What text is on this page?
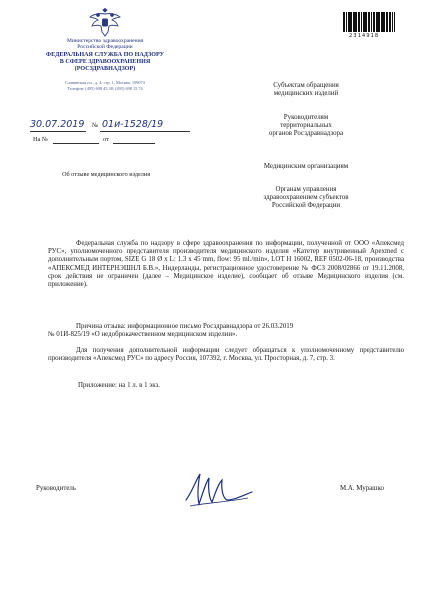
Министерство здравоохранения
Российской Федерации
ФЕДЕРАЛЬНАЯ СЛУЖБА ПО НАДЗОРУ
В СФЕРЕ ЗДРАВООХРАНЕНИЯ
(РОСЗДРАВНАДЗОР)
Славянская пл., д. 4, стр. 1, Москва, 109074
Телефон: (495) 698 45 38; (495) 698 15 74
30.07.2019 № 01и-1528/19
На №	от
Об отзыве медицинского изделия
2314918
Субъектам обращения
медицинских изделий
Руководителям
территориальных
органов Росздравнадзора
Медицинским организациям
Органам управления
здравоохранением субъектов
Российской Федерации
Федеральная служба по надзору в сфере здравоохранения по информации, полученной от ООО «Апексмед РУС», уполномоченного представителя производителя медицинского изделия «Катетер внутривенный Apexmed с дополнительным портом, SIZE G 18 Ø x L: 1.3 x 45 mm, flow: 95 ml./min», LOT H 16002, REF 0502-06-18, производства «АПЕКСМЕД ИНТЕРНЭШНЛ Б.В.», Нидерланды, регистрационное удостоверение № ФСЗ 2008/02866 от 19.11.2008, срок действия не ограничен (далее – Медицинское изделие), сообщает об отзыве Медицинского изделия (см. приложение).
Причина отзыва: информационное письмо Росздравнадзора от 26.03.2019
№ 01И-825/19 «О недоброкачественном медицинском изделии».
Для получения дополнительной информации следует обращаться к уполномоченному представителю производителя «Апексмед РУС» по адресу Россия, 107392, г. Москва, ул. Просторная, д. 7, стр. 3.
Приложение: на 1 л. в 1 экз.
Руководитель	М.А. Мурашко
